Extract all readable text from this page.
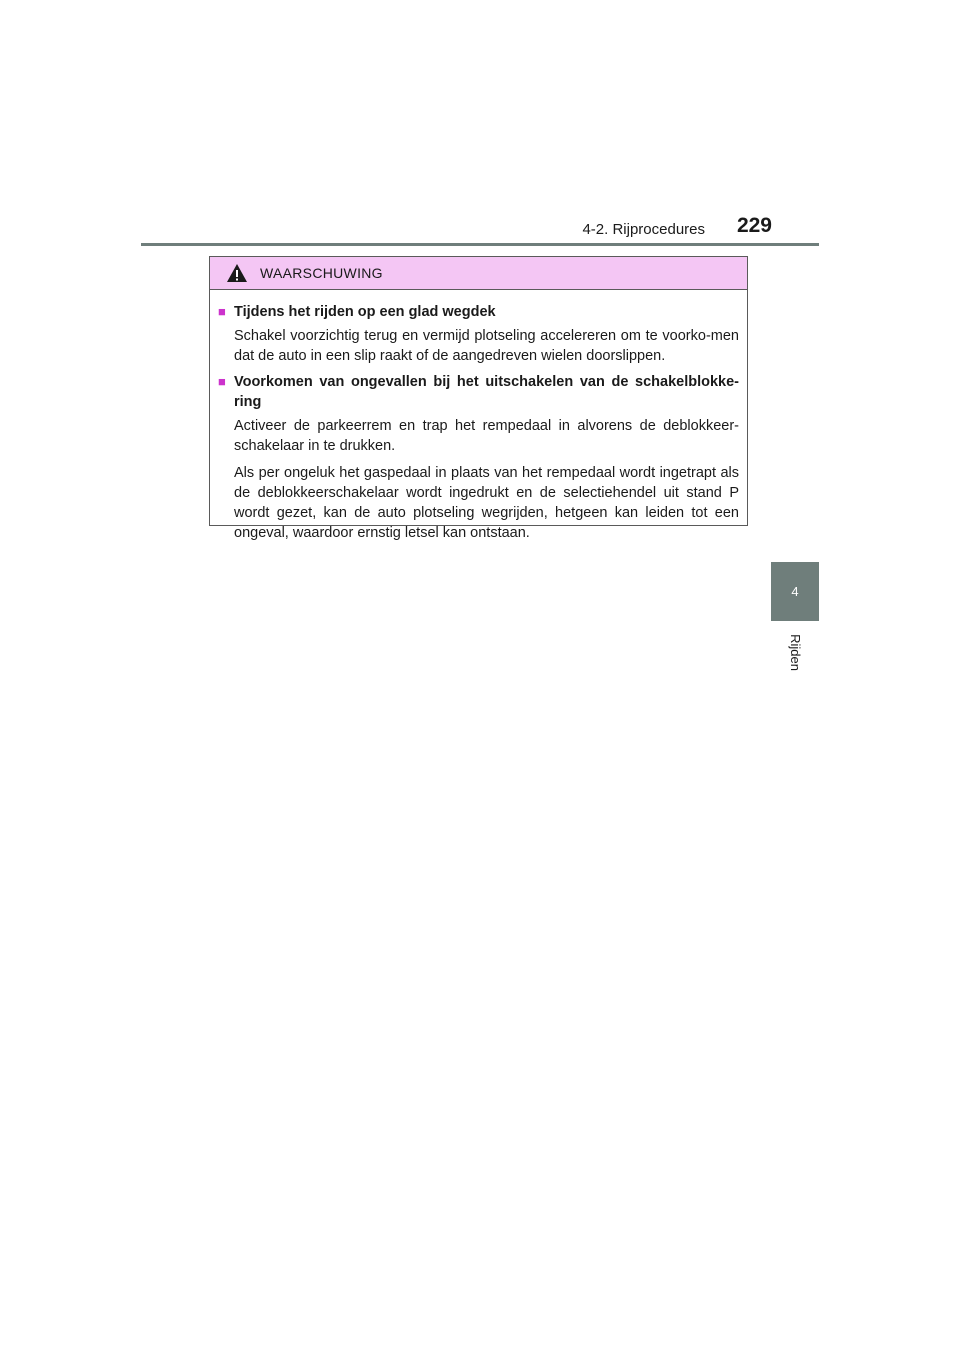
4-2. Rijprocedures	229
4
Rijden
WAARSCHUWING
■ Tijdens het rijden op een glad wegdek
Schakel voorzichtig terug en vermijd plotseling accelereren om te voorko-men dat de auto in een slip raakt of de aangedreven wielen doorslippen.
■ Voorkomen van ongevallen bij het uitschakelen van de schakelblokke-ring
Activeer de parkeerrem en trap het rempedaal in alvorens de deblokkeer-schakelaar in te drukken.
Als per ongeluk het gaspedaal in plaats van het rempedaal wordt ingetrapt als de deblokkeerschakelaar wordt ingedrukt en de selectiehendel uit stand P wordt gezet, kan de auto plotseling wegrijden, hetgeen kan leiden tot een ongeval, waardoor ernstig letsel kan ontstaan.
